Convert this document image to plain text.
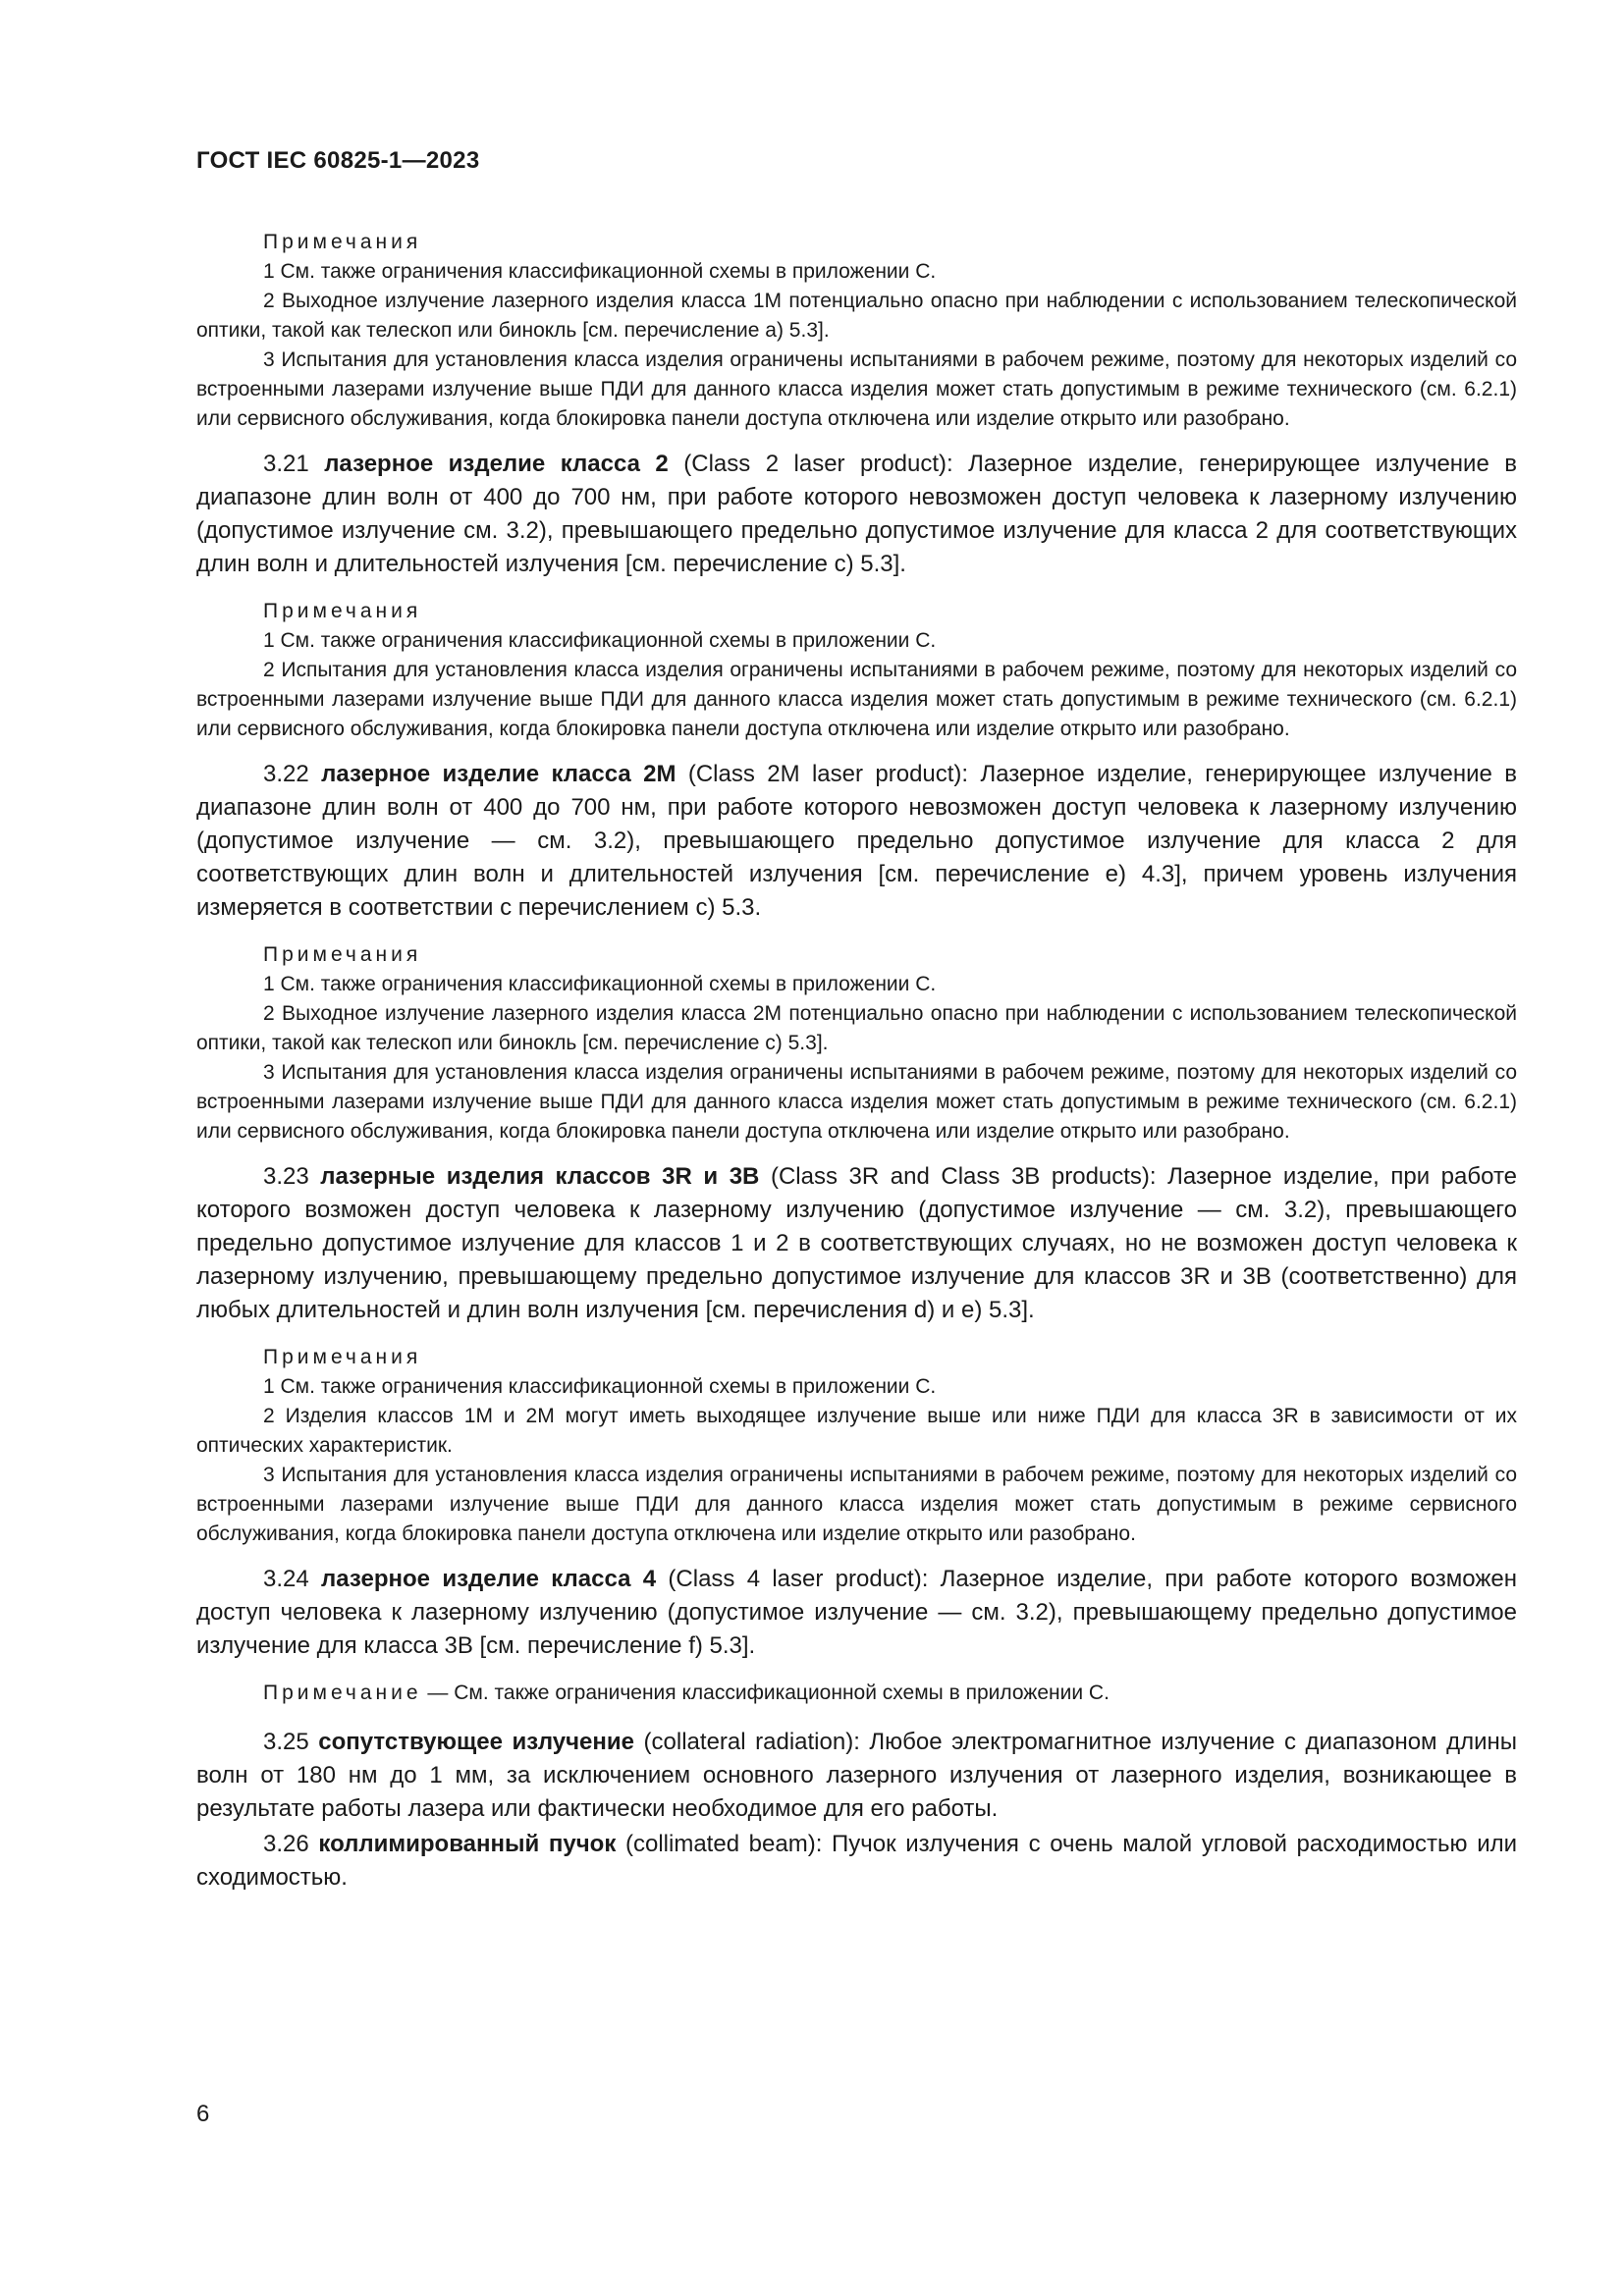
ГОСТ IEC 60825-1—2023
Примечания

1 См. также ограничения классификационной схемы в приложении С.

2 Выходное излучение лазерного изделия класса 1М потенциально опасно при наблюдении с использованием телескопической оптики, такой как телескоп или бинокль [см. перечисление а) 5.3].

3 Испытания для установления класса изделия ограничены испытаниями в рабочем режиме, поэтому для некоторых изделий со встроенными лазерами излучение выше ПДИ для данного класса изделия может стать допустимым в режиме технического (см. 6.2.1) или сервисного обслуживания, когда блокировка панели доступа отключена или изделие открыто или разобрано.

3.21 лазерное изделие класса 2 (Class 2 laser product): Лазерное изделие, генерирующее излучение в диапазоне длин волн от 400 до 700 нм, при работе которого невозможен доступ человека к лазерному излучению (допустимое излучение см. 3.2), превышающего предельно допустимое излучение для класса 2 для соответствующих длин волн и длительностей излучения [см. перечисление с) 5.3].

Примечания

1 См. также ограничения классификационной схемы в приложении С.

2 Испытания для установления класса изделия ограничены испытаниями в рабочем режиме, поэтому для некоторых изделий со встроенными лазерами излучение выше ПДИ для данного класса изделия может стать допустимым в режиме технического (см. 6.2.1) или сервисного обслуживания, когда блокировка панели доступа отключена или изделие открыто или разобрано.

3.22 лазерное изделие класса 2М (Class 2M laser product): Лазерное изделие, генерирующее излучение в диапазоне длин волн от 400 до 700 нм, при работе которого невозможен доступ человека к лазерному излучению (допустимое излучение — см. 3.2), превышающего предельно допустимое излучение для класса 2 для соответствующих длин волн и длительностей излучения [см. перечисление е) 4.3], причем уровень излучения измеряется в соответствии с перечислением с) 5.3.

Примечания

1 См. также ограничения классификационной схемы в приложении С.

2 Выходное излучение лазерного изделия класса 2М потенциально опасно при наблюдении с использованием телескопической оптики, такой как телескоп или бинокль [см. перечисление с) 5.3].

3 Испытания для установления класса изделия ограничены испытаниями в рабочем режиме, поэтому для некоторых изделий со встроенными лазерами излучение выше ПДИ для данного класса изделия может стать допустимым в режиме технического (см. 6.2.1) или сервисного обслуживания, когда блокировка панели доступа отключена или изделие открыто или разобрано.

3.23 лазерные изделия классов 3R и 3В (Class 3R and Class 3B products): Лазерное изделие, при работе которого возможен доступ человека к лазерному излучению (допустимое излучение — см. 3.2), превышающего предельно допустимое излучение для классов 1 и 2 в соответствующих случаях, но не возможен доступ человека к лазерному излучению, превышающему предельно допустимое излучение для классов 3R и 3В (соответственно) для любых длительностей и длин волн излучения [см. перечисления d) и е) 5.3].

Примечания

1 См. также ограничения классификационной схемы в приложении С.

2 Изделия классов 1М и 2М могут иметь выходящее излучение выше или ниже ПДИ для класса 3R в зависимости от их оптических характеристик.

3 Испытания для установления класса изделия ограничены испытаниями в рабочем режиме, поэтому для некоторых изделий со встроенными лазерами излучение выше ПДИ для данного класса изделия может стать допустимым в режиме сервисного обслуживания, когда блокировка панели доступа отключена или изделие открыто или разобрано.

3.24 лазерное изделие класса 4 (Class 4 laser product): Лазерное изделие, при работе которого возможен доступ человека к лазерному излучению (допустимое излучение — см. 3.2), превышающему предельно допустимое излучение для класса 3В [см. перечисление f) 5.3].

Примечание — См. также ограничения классификационной схемы в приложении С.

3.25 сопутствующее излучение (collateral radiation): Любое электромагнитное излучение с диапазоном длины волн от 180 нм до 1 мм, за исключением основного лазерного излучения от лазерного изделия, возникающее в результате работы лазера или фактически необходимое для его работы.

3.26 коллимированный пучок (collimated beam): Пучок излучения с очень малой угловой расходимостью или сходимостью.

6
